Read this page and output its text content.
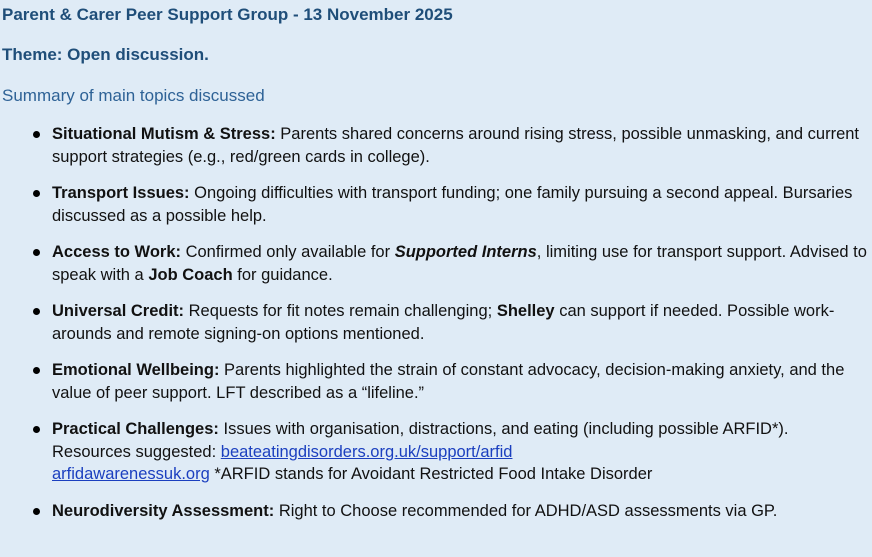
Parent & Carer Peer Support Group - 13 November 2025
Theme: Open discussion.
Summary of main topics discussed
Situational Mutism & Stress: Parents shared concerns around rising stress, possible unmasking, and current support strategies (e.g., red/green cards in college).
Transport Issues: Ongoing difficulties with transport funding; one family pursuing a second appeal. Bursaries discussed as a possible help.
Access to Work: Confirmed only available for Supported Interns, limiting use for transport support. Advised to speak with a Job Coach for guidance.
Universal Credit: Requests for fit notes remain challenging; Shelley can support if needed. Possible work-arounds and remote signing-on options mentioned.
Emotional Wellbeing: Parents highlighted the strain of constant advocacy, decision-making anxiety, and the value of peer support. LFT described as a “lifeline.”
Practical Challenges: Issues with organisation, distractions, and eating (including possible ARFID*). Resources suggested: beateatingdisorders.org.uk/support/arfid
arfidawarenessuk.org *ARFID stands for Avoidant Restricted Food Intake Disorder
Neurodiversity Assessment: Right to Choose recommended for ADHD/ASD assessments via GP.
